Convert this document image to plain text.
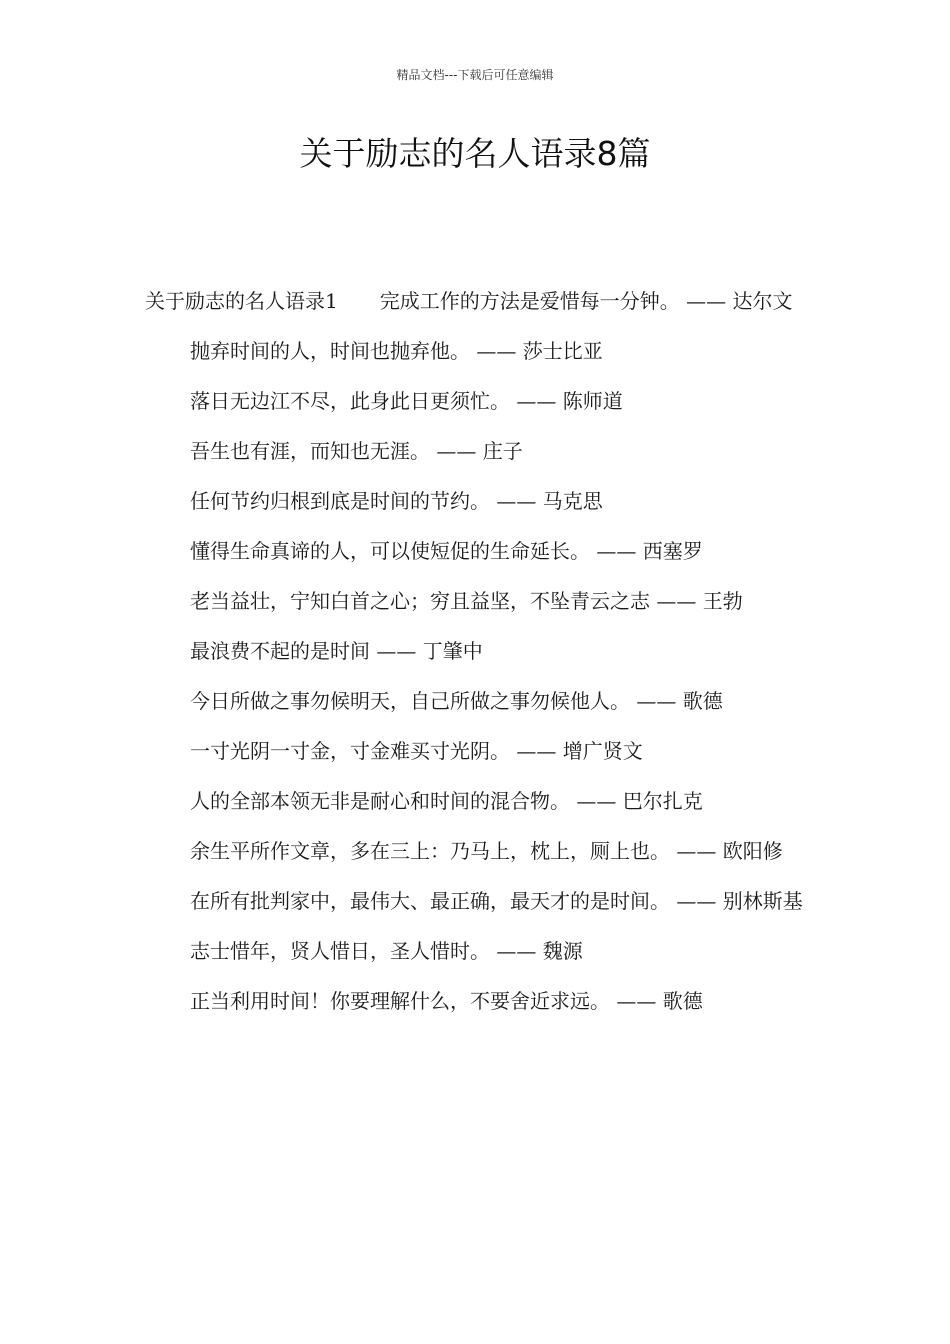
精品文档---下载后可任意编辑
关于励志的名人语录8篇

关于励志的名人语录1 完成工作的方法是爱惜每一分钟。 —— 达尔文

抛弃时间的人，时间也抛弃他。 —— 莎士比亚

落日无边江不尽，此身此日更须忙。 —— 陈师道

吾生也有涯，而知也无涯。 —— 庄子

任何节约归根到底是时间的节约。 —— 马克思

懂得生命真谛的人，可以使短促的生命延长。 —— 西塞罗

老当益壮，宁知白首之心；穷且益坚，不坠青云之志 —— 王勃

最浪费不起的是时间 —— 丁肇中

今日所做之事勿候明天，自己所做之事勿候他人。 —— 歌德

一寸光阴一寸金，寸金难买寸光阴。 —— 增广贤文

人的全部本领无非是耐心和时间的混合物。 —— 巴尔扎克

余生平所作文章，多在三上：乃马上，枕上，厕上也。 —— 欧阳修

在所有批判家中，最伟大、最正确，最天才的是时间。 —— 别林斯基

志士惜年，贤人惜日，圣人惜时。 —— 魏源

正当利用时间！你要理解什么，不要舍近求远。 —— 歌德
